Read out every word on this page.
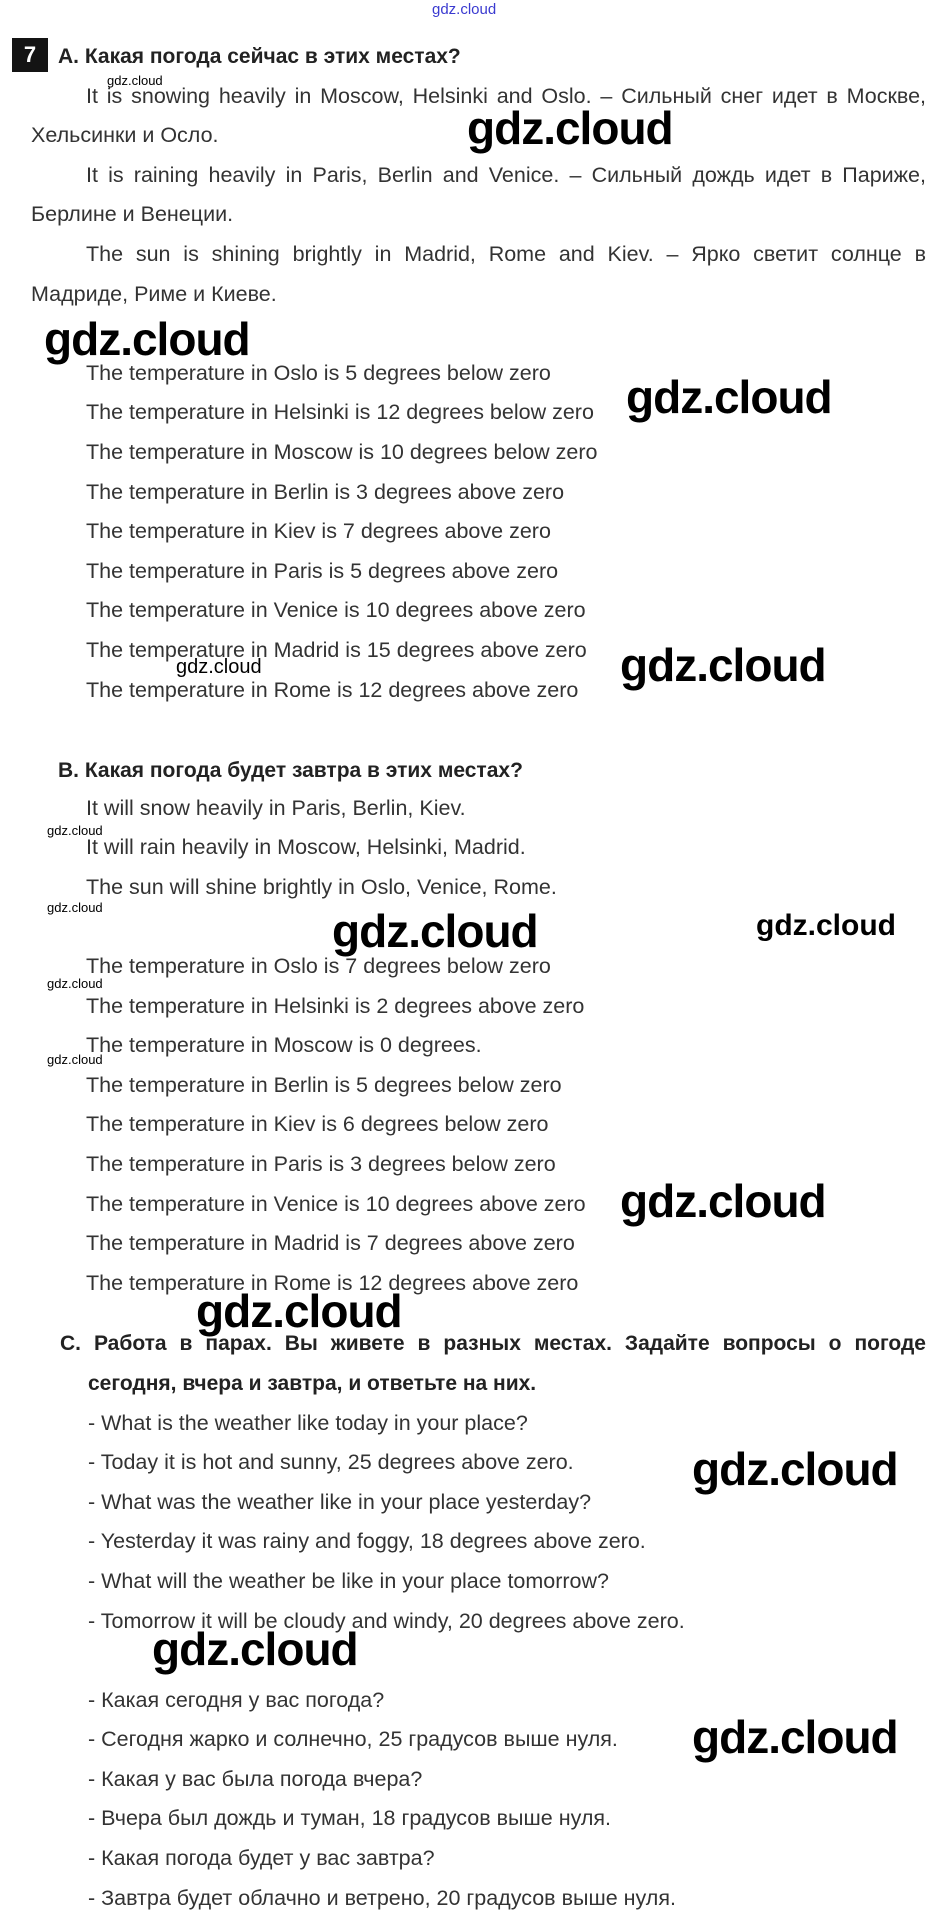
gdz.cloud
7	A. Какая погода сейчас в этих местах?
It is snowing heavily in Moscow, Helsinki and Oslo. – Сильный снег идет в Москве,
Хельсинки и Осло.
It is raining heavily in Paris, Berlin and Venice. – Сильный дождь идет в Париже,
Берлине и Венеции.
The sun is shining brightly in Madrid, Rome and Kiev. – Ярко светит солнце в
Мадриде, Риме и Киеве.
The temperature in Oslo is 5 degrees below zero
The temperature in Helsinki is 12 degrees below zero
The temperature in Moscow is 10 degrees below zero
The temperature in Berlin is 3 degrees above zero
The temperature in Kiev is 7 degrees above zero
The temperature in Paris is 5 degrees above zero
The temperature in Venice is 10 degrees above zero
The temperature in Madrid is 15 degrees above zero
The temperature in Rome is 12 degrees above zero
B. Какая погода будет завтра в этих местах?
It will snow heavily in Paris, Berlin, Kiev.
It will rain heavily in Moscow, Helsinki, Madrid.
The sun will shine brightly in Oslo, Venice, Rome.
The temperature in Oslo is 7 degrees below zero
The temperature in Helsinki is 2 degrees above zero
The temperature in Moscow is 0 degrees.
The temperature in Berlin is 5 degrees below zero
The temperature in Kiev is 6 degrees below zero
The temperature in Paris is 3 degrees below zero
The temperature in Venice is 10 degrees above zero
The temperature in Madrid is 7 degrees above zero
The temperature in Rome is 12 degrees above zero
C. Работа в парах. Вы живете в разных местах. Задайте вопросы о погоде
сегодня, вчера и завтра, и ответьте на них.
- What is the weather like today in your place?
- Today it is hot and sunny, 25 degrees above zero.
- What was the weather like in your place yesterday?
- Yesterday it was rainy and foggy, 18 degrees above zero.
- What will the weather be like in your place tomorrow?
- Tomorrow it will be cloudy and windy, 20 degrees above zero.
- Какая сегодня у вас погода?
- Сегодня жарко и солнечно, 25 градусов выше нуля.
- Какая у вас была погода вчера?
- Вчера был дождь и туман, 18 градусов выше нуля.
- Какая погода будет у вас завтра?
- Завтра будет облачно и ветрено, 20 градусов выше нуля.
gdz.cloud
gdz.cloud
gdz.cloud
gdz.cloud
gdz.cloud
gdz.cloud
gdz.cloud
gdz.cloud
gdz.cloud
gdz.cloud
gdz.cloud
gdz.cloud
gdz.cloud
gdz.cloud
gdz.cloud
gdz.cloud
gdz.cloud
